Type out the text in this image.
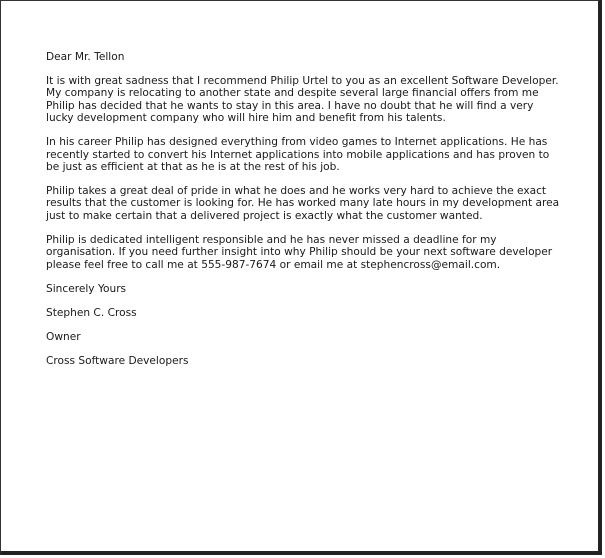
Dear Mr. Tellon

It is with great sadness that I recommend Philip Urtel to you as an excellent Software Developer. My company is relocating to another state and despite several large financial offers from me Philip has decided that he wants to stay in this area. I have no doubt that he will find a very lucky development company who will hire him and benefit from his talents.

In his career Philip has designed everything from video games to Internet applications. He has recently started to convert his Internet applications into mobile applications and has proven to be just as efficient at that as he is at the rest of his job.

Philip takes a great deal of pride in what he does and he works very hard to achieve the exact results that the customer is looking for. He has worked many late hours in my development area just to make certain that a delivered project is exactly what the customer wanted.

Philip is dedicated intelligent responsible and he has never missed a deadline for my organisation. If you need further insight into why Philip should be your next software developer please feel free to call me at 555-987-7674 or email me at stephencross@email.com.

Sincerely Yours

Stephen C. Cross

Owner

Cross Software Developers
